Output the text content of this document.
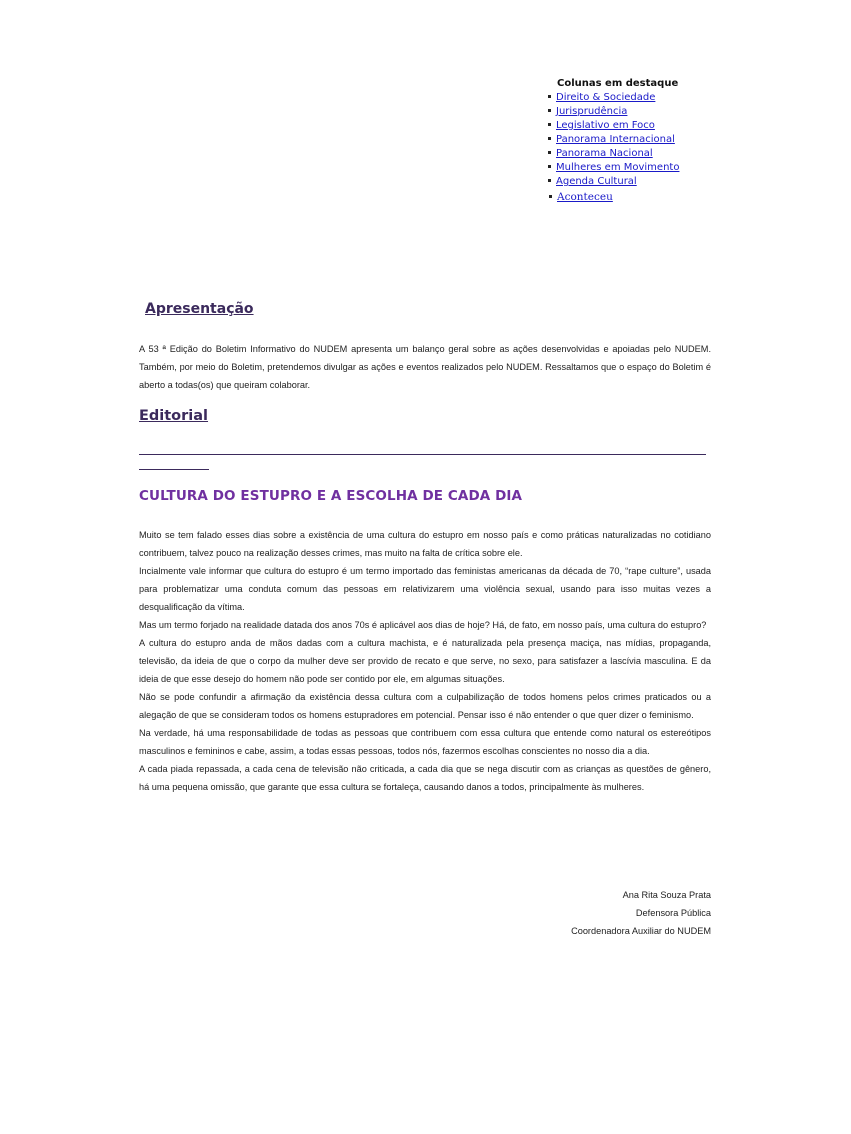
Colunas em destaque
Direito & Sociedade
Jurisprudência
Legislativo em Foco
Panorama Internacional
Panorama Nacional
Mulheres em Movimento
Agenda Cultural
Aconteceu
Apresentação

A 53 ª Edição do Boletim Informativo do NUDEM apresenta um balanço geral sobre as ações desenvolvidas e apoiadas pelo NUDEM. Também, por meio do Boletim, pretendemos divulgar as ações e eventos realizados pelo NUDEM. Ressaltamos que o espaço do Boletim é aberto a todas(os) que queiram colaborar.

Editorial
CULTURA DO ESTUPRO E A ESCOLHA DE CADA DIA

Muito se tem falado esses dias sobre a existência de uma cultura do estupro em nosso país e como práticas naturalizadas no cotidiano contribuem, talvez pouco na realização desses crimes, mas muito na falta de crítica sobre ele.

Incialmente vale informar que cultura do estupro é um termo importado das feministas americanas da década de 70, “rape culture”, usada para problematizar uma conduta comum das pessoas em relativizarem uma violência sexual, usando para isso muitas vezes a desqualificação da vítima.

Mas um termo forjado na realidade datada dos anos 70s é aplicável aos dias de hoje? Há, de fato, em nosso país, uma cultura do estupro?

A cultura do estupro anda de mãos dadas com a cultura machista, e é naturalizada pela presença maciça, nas mídias, propaganda, televisão, da ideia de que o corpo da mulher deve ser provido de recato e que serve, no sexo, para satisfazer a lascívia masculina. E da ideia de que esse desejo do homem não pode ser contido por ele, em algumas situações.

Não se pode confundir a afirmação da existência dessa cultura com a culpabilização de todos homens pelos crimes praticados ou a alegação de que se consideram todos os homens estupradores em potencial. Pensar isso é não entender o que quer dizer o feminismo.

Na verdade, há uma responsabilidade de todas as pessoas que contribuem com essa cultura que entende como natural os estereótipos masculinos e femininos e cabe, assim, a todas essas pessoas, todos nós, fazermos escolhas conscientes no nosso dia a dia.

A cada piada repassada, a cada cena de televisão não criticada, a cada dia que se nega discutir com as crianças as questões de gênero, há uma pequena omissão, que garante que essa cultura se fortaleça, causando danos a todos, principalmente às mulheres.

Ana Rita Souza Prata
Defensora Pública
Coordenadora Auxiliar do NUDEM
